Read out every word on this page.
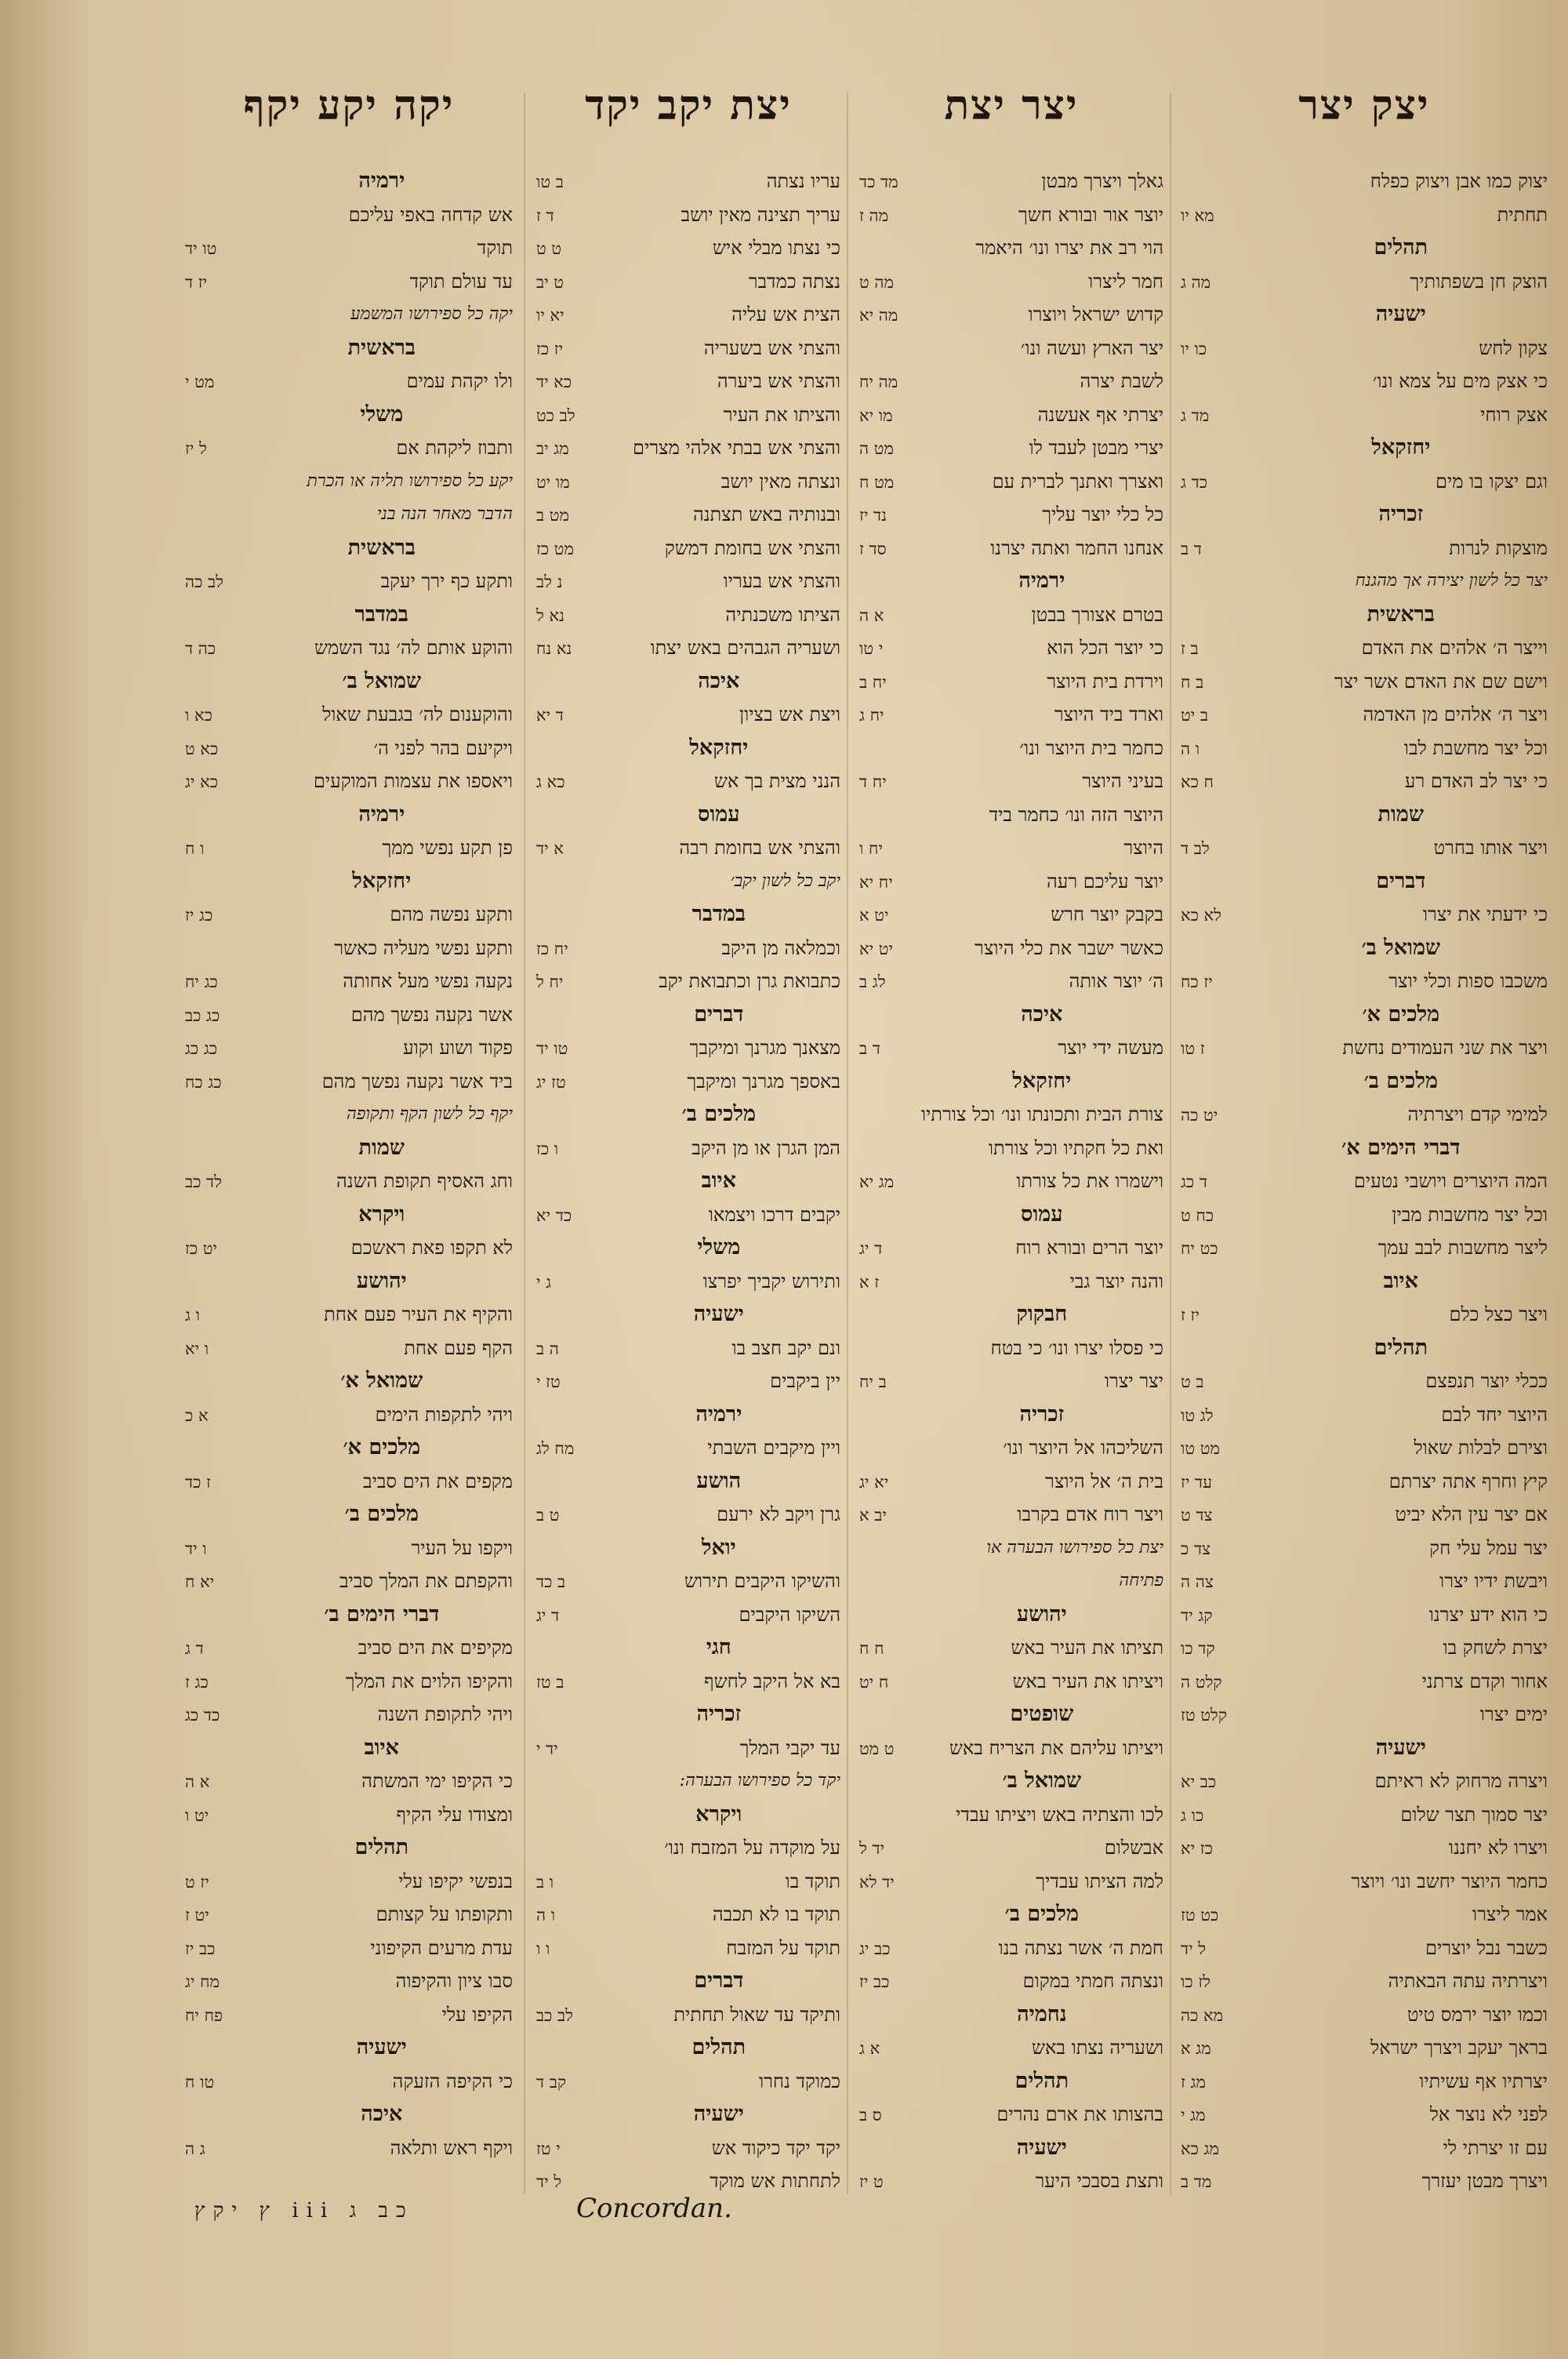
יצק יצר
יצוק כמו אבן ויצוק כפלח
תחתית
מא יו
תהלים
הוצק חן בשפתותיך
מה ג
ישעיה
צקון לחש
כו יו
כי אצק מים על צמא ונו׳
אצק רוחי
מד ג
יחזקאל
וגם יצקו בו מים
כד ג
זכריה
מוצקות לנרות
ד ב
יצר כל לשון יצירה אך מהגנח
בראשית
וייצר ה׳ אלהים את האדם
ב ז
וישם שם את האדם אשר יצר
ב ח
ויצר ה׳ אלהים מן האדמה
ב יט
וכל יצר מחשבת לבו
ו ה
כי יצר לב האדם רע
ח כא
שמות
ויצר אותו בחרט
לב ד
דברים
כי ידעתי את יצרו
לא כא
שמואל ב׳
משכבו ספות וכלי יוצר
יז כח
מלכים א׳
ויצר את שני העמודים נחשת
ז טו
מלכים ב׳
למימי קדם ויצרתיה
יט כה
דברי הימים א׳
המה היוצרים ויושבי נטעים
ד כג
וכל יצר מחשבות מבין
כח ט
ליצר מחשבות לבב עמך
כט יח
איוב
ויצר כצל כלם
יז ז
תהלים
ככלי יוצר תנפצם
ב ט
היוצר יחד לבם
לג טו
וצירם לבלות שאול
מט טו
קיץ וחרף אתה יצרתם
עד יז
אם יצר עין הלא יביט
צד ט
יצר עמל עלי חק
צד כ
ויבשת ידיו יצרו
צה ה
כי הוא ידע יצרנו
קג יד
יצרת לשחק בו
קד כו
אחור וקדם צרתני
קלט ה
ימים יצרו
קלט טז
ישעיה
ויצרה מרחוק לא ראיתם
כב יא
יצר סמוך תצר שלום
כו ג
ויצרו לא יחננו
כז יא
כחמר היוצר יחשב ונו׳ ויוצר
אמר ליצרו
כט טז
כשבר נבל יוצרים
ל יד
ויצרתיה עתה הבאתיה
לז כו
וכמו יוצר ירמס טיט
מא כה
בראך יעקב ויצרך ישראל
מג א
יצרתיו אף עשיתיו
מג ז
לפני לא נוצר אל
מג י
עם זו יצרתי לי
מג כא
ויצרך מבטן יעזרך
מד ב
יצר יצת
גאלך ויצרך מבטן
מד כד
יוצר אור ובורא חשך
מה ז
הוי רב את יצרו ונו׳ היאמר
חמר ליצרו
מה ט
קדוש ישראל ויוצרו
מה יא
יצר הארץ ועשה ונו׳
לשבת יצרה
מה יח
יצרתי אף אעשנה
מו יא
יצרי מבטן לעבד לו
מט ה
ואצרך ואתנך לברית עם
מט ח
כל כלי יוצר עליך
נד יז
אנחנו החמר ואתה יצרנו
סד ז
ירמיה
בטרם אצורך בבטן
א ה
כי יוצר הכל הוא
י טו
וירדת בית היוצר
יח ב
וארד ביד היוצר
יח ג
כחמר בית היוצר ונו׳
בעיני היוצר
יח ד
היוצר הזה ונו׳ כחמר ביד
היוצר
יח ו
יוצר עליכם רעה
יח יא
בקבק יוצר חרש
יט א
כאשר ישבר את כלי היוצר
יט יא
ה׳ יוצר אותה
לג ב
איכה
מעשה ידי יוצר
ד ב
יחזקאל
צורת הבית ותכונתו ונו׳ וכל צורתיו
ואת כל חקתיו וכל צורתו
וישמרו את כל צורתו
מג יא
עמוס
יוצר הרים ובורא רוח
ד יג
והנה יוצר גבי
ז א
חבקוק
כי פסלו יצרו ונו׳ כי בטח
יצר יצרו
ב יח
זכריה
השליכהו אל היוצר ונו׳
בית ה׳ אל היוצר
יא יג
ויצר רוח אדם בקרבו
יב א
יצת כל ספירושו הבערה או
פתיחה
יהושע
תציתו את העיר באש
ח ח
ויציתו את העיר באש
ח יט
שופטים
ויציתו עליהם את הצריח באש
ט מט
שמואל ב׳
לכו והצתיה באש ויציתו עבדי
אבשלום
יד ל
למה הציתו עבדיך
יד לא
מלכים ב׳
חמת ה׳ אשר נצתה בנו
כב יג
ונצתה חמתי במקום
כב יז
נחמיה
ושעריה נצתו באש
א ג
תהלים
בהצותו את ארם נהרים
ס ב
ישעיה
ותצת בסבכי היער
ט יז
יצת יקב יקד
עריו נצתה
ב טו
עריך תצינה מאין יושב
ד ז
כי נצתו מבלי איש
ט ט
נצתה כמדבר
ט יב
הצית אש עליה
יא יו
והצתי אש בשעריה
יז כז
והצתי אש ביערה
כא יד
והציתו את העיר
לב כט
והצתי אש בבתי אלהי מצרים
מג יב
ונצתה מאין יושב
מו יט
ובנותיה באש תצתנה
מט ב
והצתי אש בחומת דמשק
מט כז
והצתי אש בעריו
נ לב
הציתו משכנתיה
נא ל
ושעריה הגבהים באש יצתו
נא נח
איכה
ויצת אש בציון
ד יא
יחזקאל
הנני מצית בך אש
כא ג
עמוס
והצתי אש בחומת רבה
א יד
יקב כל לשון יקב׳
במדבר
וכמלאה מן היקב
יח כז
כתבואת גרן וכתבואת יקב
יח ל
דברים
מצאנך מגרנך ומיקבך
טו יד
באספך מגרנך ומיקבך
טז יג
מלכים ב׳
המן הגרן או מן היקב
ו כז
איוב
יקבים דרכו ויצמאו
כד יא
משלי
ותירוש יקביך יפרצו
ג י
ישעיה
ונם יקב חצב בו
ה ב
יין ביקבים
טז י
ירמיה
ויין מיקבים השבתי
מח לג
הושע
גרן ויקב לא ירעם
ט ב
יואל
והשיקו היקבים תירוש
ב כד
השיקו היקבים
ד יג
חגי
בא אל היקב לחשף
ב טז
זכריה
עד יקבי המלך
יד י
יקד כל ספירושו הבערה:
ויקרא
על מוקדה על המזבח ונו׳
תוקד בו
ו ב
תוקד בו לא תכבה
ו ה
תוקד על המזבח
ו ו
דברים
ותיקד עד שאול תחתית
לב כב
תהלים
כמוקד נחרו
קב ד
ישעיה
יקד יקד כיקוד אש
י טז
לתחתות אש מוקד
ל יד
יקה יקע יקף
ירמיה
אש קדחה באפי עליכם
תוקד
טו יד
עד עולם תוקד
יז ד
יקה כל ספירושו המשמע
בראשית
ולו יקהת עמים
מט י
משלי
ותבוז ליקהת אם
ל יז
יקע כל ספירושו תליה או הכרת
הדבר מאחר הנה בני
בראשית
ותקע כף ירך יעקב
לב כה
במדבר
והוקע אותם לה׳ נגד השמש
כה ד
שמואל ב׳
והוקענום לה׳ בגבעת שאול
כא ו
ויקיעם בהר לפני ה׳
כא ט
ויאספו את עצמות המוקעים
כא יג
ירמיה
פן תקע נפשי ממך
ו ח
יחזקאל
ותקע נפשה מהם
כג יז
ותקע נפשי מעליה כאשר
נקעה נפשי מעל אחותה
כג יח
אשר נקעה נפשך מהם
כג כב
פקוד ושוע וקוע
כג כג
ביד אשר נקעה נפשך מהם
כג כח
יקף כל לשון הקף ותקופה
שמות
וחג האסיף תקופת השנה
לד כב
ויקרא
לא תקפו פאת ראשכם
יט כז
יהושע
והקיף את העיר פעם אחת
ו ג
הקף פעם אחת
ו יא
שמואל א׳
ויהי לתקפות הימים
א כ
מלכים א׳
מקפים את הים סביב
ז כד
מלכים ב׳
ויקפו על העיר
ו יד
והקפתם את המלך סביב
יא ח
דברי הימים ב׳
מקיפים את הים סביב
ד ג
והקיפו הלוים את המלך
כג ז
ויהי לתקופת השנה
כד כג
איוב
כי הקיפו ימי המשתה
א ה
ומצודו עלי הקיף
יט ו
תהלים
בנפשי יקיפו עלי
יז ט
ותקופתו על קצותם
יט ז
עדת מרעים הקיפוני
כב יז
סבו ציון והקיפוה
מח יג
הקיפו עלי
פח יח
ישעיה
כי הקיפה הזעקה
טו ח
איכה
ויקף ראש ותלאה
ג ה
כב ג iii ץ יקץ	Concordan.
